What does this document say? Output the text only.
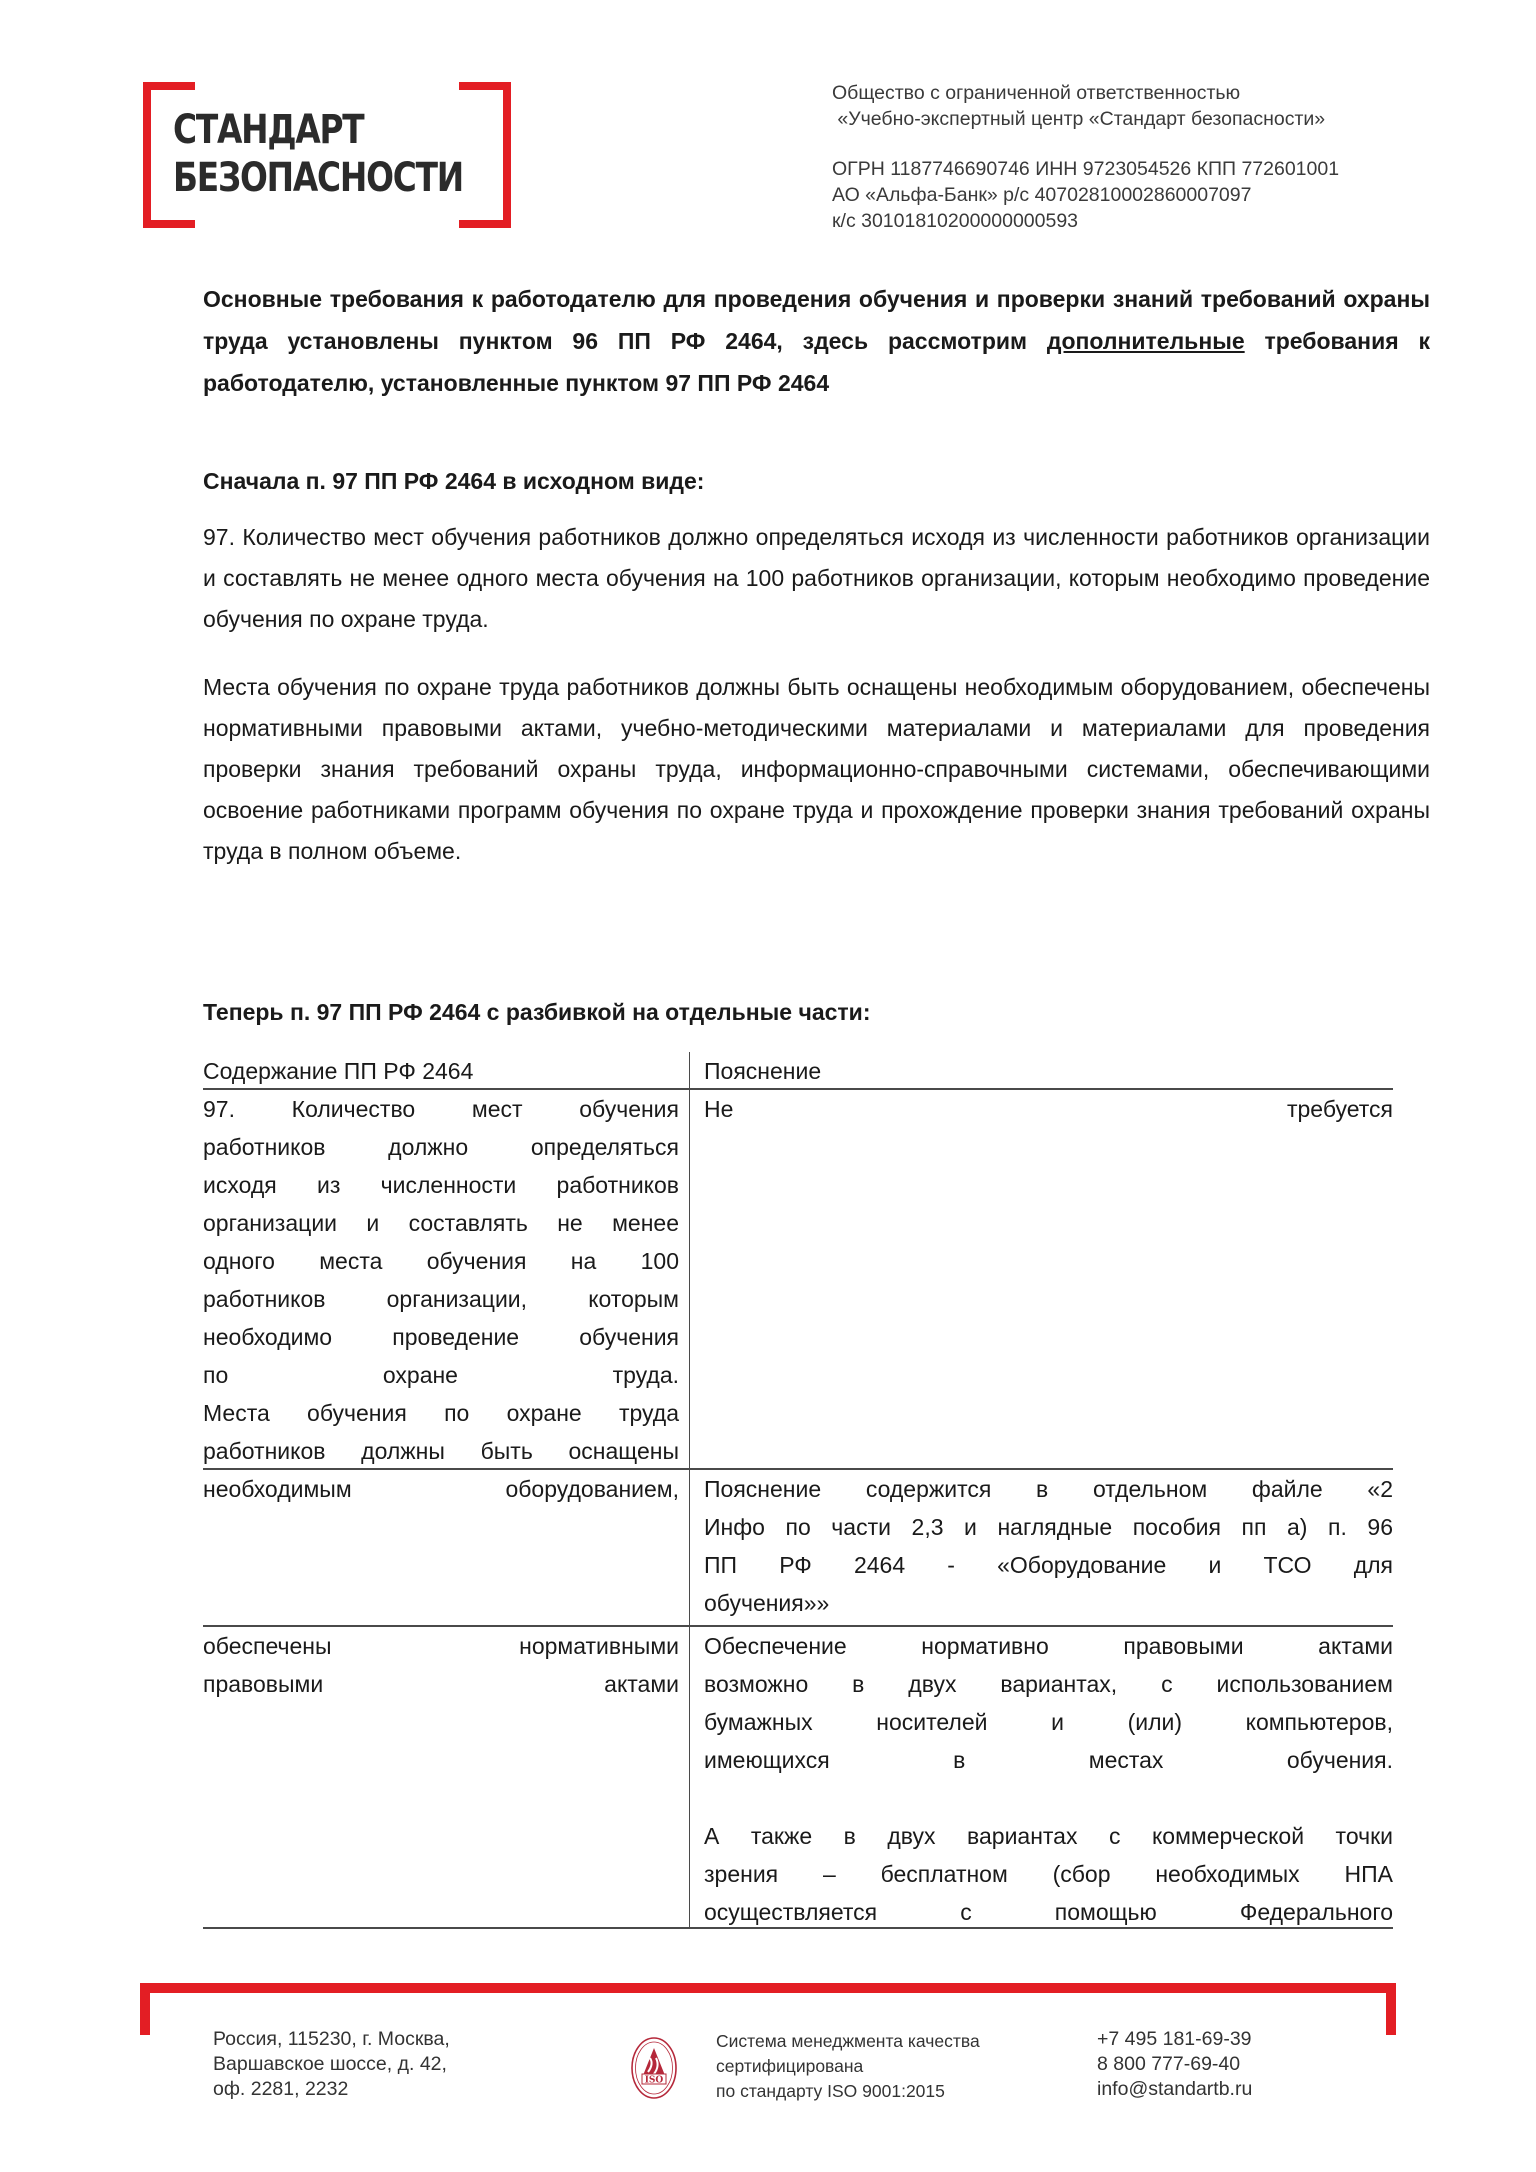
СТАНДАРТ
БЕЗОПАСНОСТИ
Общество с ограниченной ответственностью
«Учебно-экспертный центр «Стандарт безопасности»
ОГРН 1187746690746 ИНН 9723054526 КПП 772601001
АО «Альфа-Банк» р/с 40702810002860007097
к/с 30101810200000000593
Основные требования к работодателю для проведения обучения и проверки знаний требований охраны труда установлены пунктом 96 ПП РФ 2464, здесь рассмотрим дополнительные требования к работодателю, установленные пунктом 97 ПП РФ 2464
Сначала п. 97 ПП РФ 2464 в исходном виде:
97. Количество мест обучения работников должно определяться исходя из численности работников организации и составлять не менее одного места обучения на 100 работников организации, которым необходимо проведение обучения по охране труда.
Места обучения по охране труда работников должны быть оснащены необходимым оборудованием, обеспечены нормативными правовыми актами, учебно-методическими материалами и материалами для проведения проверки знания требований охраны труда, информационно-справочными системами, обеспечивающими освоение работниками программ обучения по охране труда и прохождение проверки знания требований охраны труда в полном объеме.
Теперь п. 97 ПП РФ 2464 с разбивкой на отдельные части:
Содержание ПП РФ 2464	Пояснение
97. Количество мест обучения
работников должно определяться
исходя из численности работников
организации и составлять не менее
одного места обучения на 100
работников организации, которым
необходимо проведение обучения
по охране труда.
Места обучения по охране труда
работников должны быть оснащены
Не требуется
необходимым оборудованием, Пояснение содержится в отдельном файле «2
Инфо по части 2,3 и наглядные пособия пп а) п. 96
ПП РФ 2464 - «Оборудование и ТСО для
обучения»»
обеспечены нормативными
правовыми актами
Обеспечение нормативно правовыми актами
возможно в двух вариантах, с использованием
бумажных носителей и (или) компьютеров,
имеющихся в местах обучения.
А также в двух вариантах с коммерческой точки
зрения – бесплатном (сбор необходимых НПА
осуществляется с помощью Федерального
Россия, 115230, г. Москва,
Варшавское шоссе, д. 42,
оф. 2281, 2232	ISO
Система менеджмента качества
сертифицирована
по стандарту ISO 9001:2015
+7 495 181-69-39
8 800 777-69-40
info@standartb.ru
